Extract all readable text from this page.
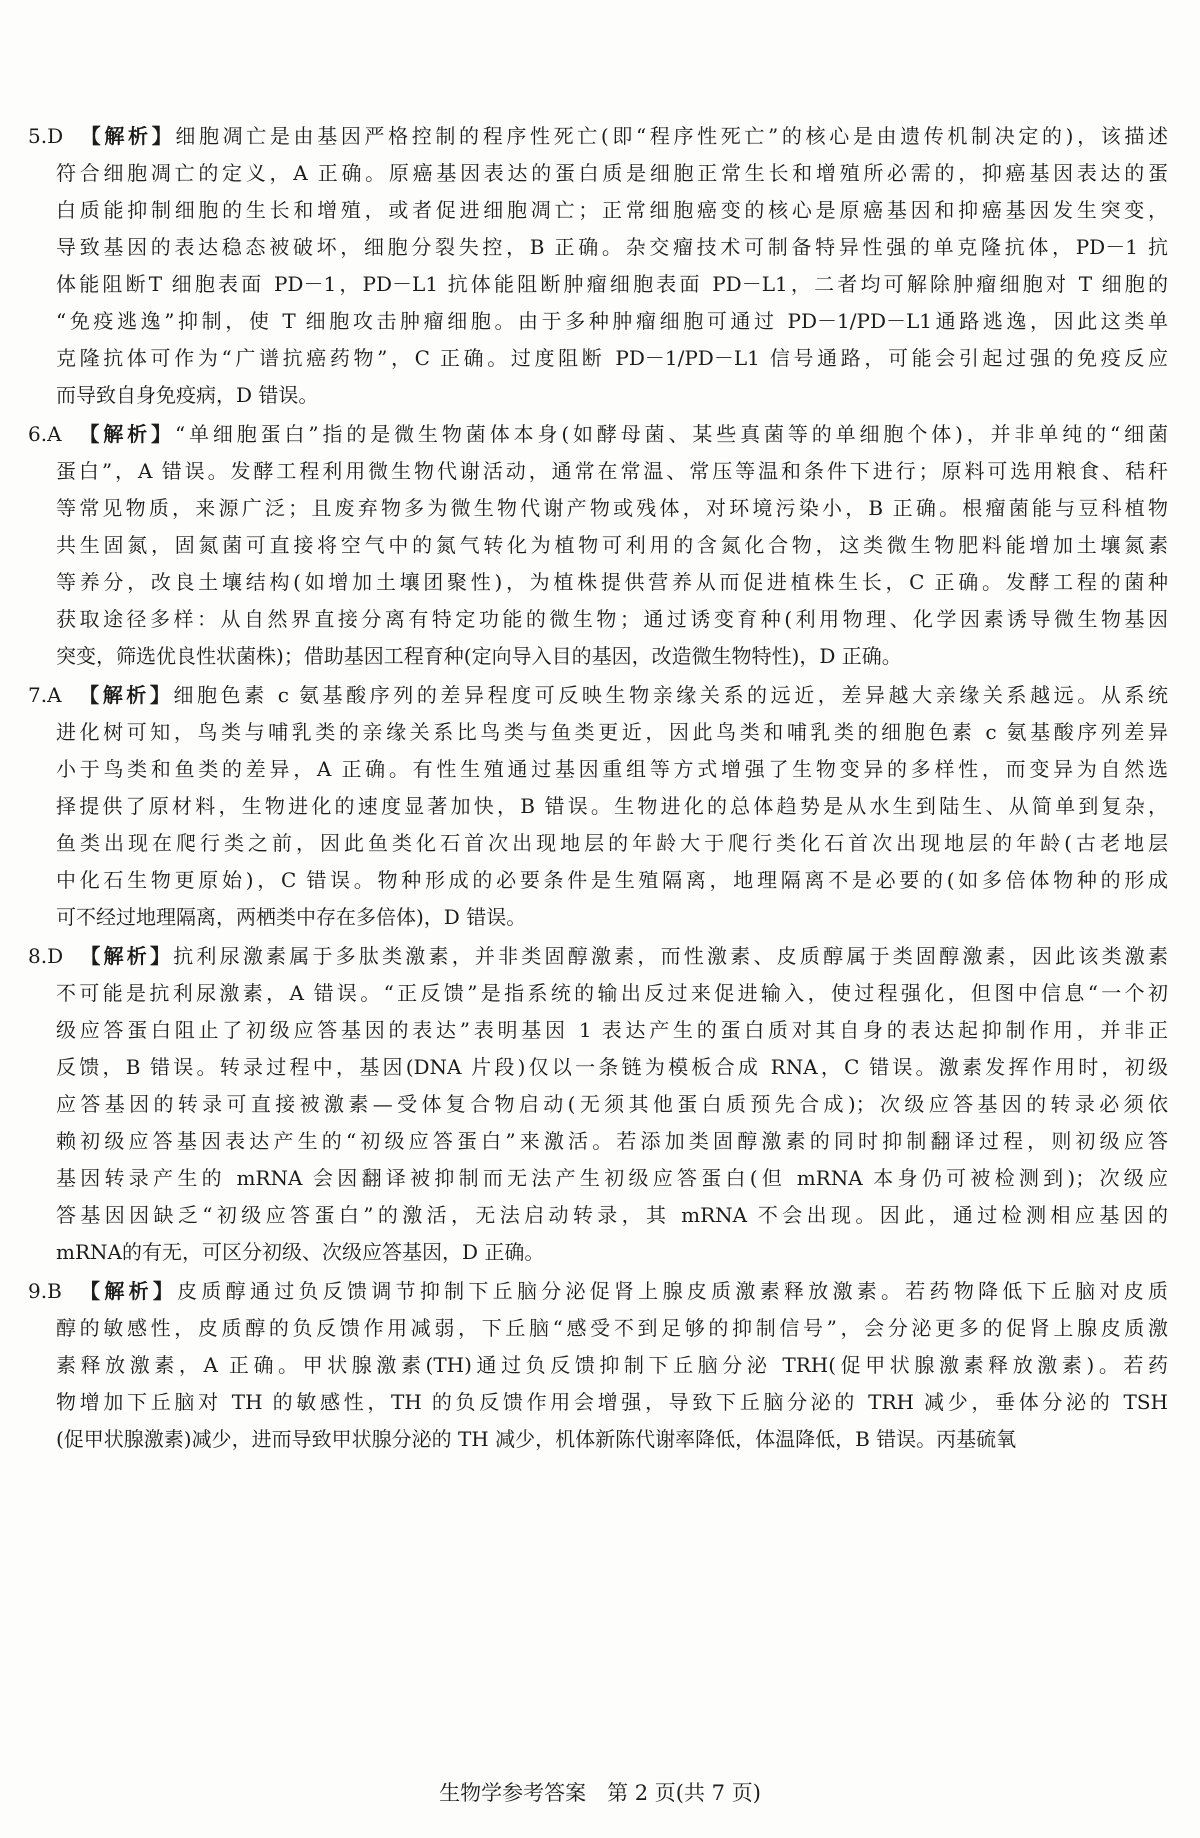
5.D 【解析】细胞凋亡是由基因严格控制的程序性死亡(即“程序性死亡”的核心是由遗传机制决定的)，该描述
符合细胞凋亡的定义，A 正确。原癌基因表达的蛋白质是细胞正常生长和增殖所必需的，抑癌基因表达的蛋
白质能抑制细胞的生长和增殖，或者促进细胞凋亡；正常细胞癌变的核心是原癌基因和抑癌基因发生突变，
导致基因的表达稳态被破坏，细胞分裂失控，B 正确。杂交瘤技术可制备特异性强的单克隆抗体，PD－1 抗
体能阻断T 细胞表面 PD－1，PD－L1 抗体能阻断肿瘤细胞表面 PD－L1，二者均可解除肿瘤细胞对 T 细胞的
“免疫逃逸”抑制，使 T 细胞攻击肿瘤细胞。由于多种肿瘤细胞可通过 PD－1/PD－L1通路逃逸，因此这类单
克隆抗体可作为“广谱抗癌药物”，C 正确。过度阻断 PD－1/PD－L1 信号通路，可能会引起过强的免疫反应
而导致自身免疫病，D 错误。
6.A 【解析】“单细胞蛋白”指的是微生物菌体本身(如酵母菌、某些真菌等的单细胞个体)，并非单纯的“细菌
蛋白”，A 错误。发酵工程利用微生物代谢活动，通常在常温、常压等温和条件下进行；原料可选用粮食、秸秆
等常见物质，来源广泛；且废弃物多为微生物代谢产物或残体，对环境污染小，B 正确。根瘤菌能与豆科植物
共生固氮，固氮菌可直接将空气中的氮气转化为植物可利用的含氮化合物，这类微生物肥料能增加土壤氮素
等养分，改良土壤结构(如增加土壤团聚性)，为植株提供营养从而促进植株生长，C 正确。发酵工程的菌种
获取途径多样：从自然界直接分离有特定功能的微生物；通过诱变育种(利用物理、化学因素诱导微生物基因
突变，筛选优良性状菌株)；借助基因工程育种(定向导入目的基因，改造微生物特性)，D 正确。
7.A 【解析】细胞色素 c 氨基酸序列的差异程度可反映生物亲缘关系的远近，差异越大亲缘关系越远。从系统
进化树可知，鸟类与哺乳类的亲缘关系比鸟类与鱼类更近，因此鸟类和哺乳类的细胞色素 c 氨基酸序列差异
小于鸟类和鱼类的差异，A 正确。有性生殖通过基因重组等方式增强了生物变异的多样性，而变异为自然选
择提供了原材料，生物进化的速度显著加快，B 错误。生物进化的总体趋势是从水生到陆生、从简单到复杂，
鱼类出现在爬行类之前，因此鱼类化石首次出现地层的年龄大于爬行类化石首次出现地层的年龄(古老地层
中化石生物更原始)，C 错误。物种形成的必要条件是生殖隔离，地理隔离不是必要的(如多倍体物种的形成
可不经过地理隔离，两栖类中存在多倍体)，D 错误。
8.D 【解析】抗利尿激素属于多肽类激素，并非类固醇激素，而性激素、皮质醇属于类固醇激素，因此该类激素
不可能是抗利尿激素，A 错误。“正反馈”是指系统的输出反过来促进输入，使过程强化，但图中信息“一个初
级应答蛋白阻止了初级应答基因的表达”表明基因 1 表达产生的蛋白质对其自身的表达起抑制作用，并非正
反馈，B 错误。转录过程中，基因(DNA 片段)仅以一条链为模板合成 RNA，C 错误。激素发挥作用时，初级
应答基因的转录可直接被激素—受体复合物启动(无须其他蛋白质预先合成)；次级应答基因的转录必须依
赖初级应答基因表达产生的“初级应答蛋白”来激活。若添加类固醇激素的同时抑制翻译过程，则初级应答
基因转录产生的 mRNA 会因翻译被抑制而无法产生初级应答蛋白(但 mRNA 本身仍可被检测到)；次级应
答基因因缺乏“初级应答蛋白”的激活，无法启动转录，其 mRNA 不会出现。因此，通过检测相应基因的
mRNA的有无，可区分初级、次级应答基因，D 正确。
9.B 【解析】皮质醇通过负反馈调节抑制下丘脑分泌促肾上腺皮质激素释放激素。若药物降低下丘脑对皮质
醇的敏感性，皮质醇的负反馈作用减弱，下丘脑“感受不到足够的抑制信号”，会分泌更多的促肾上腺皮质激
素释放激素，A 正确。甲状腺激素(TH)通过负反馈抑制下丘脑分泌 TRH(促甲状腺激素释放激素)。若药
物增加下丘脑对 TH 的敏感性，TH 的负反馈作用会增强，导致下丘脑分泌的 TRH 减少，垂体分泌的 TSH
(促甲状腺激素)减少，进而导致甲状腺分泌的 TH 减少，机体新陈代谢率降低，体温降低，B 错误。丙基硫氧
生物学参考答案　第 2 页(共 7 页)
